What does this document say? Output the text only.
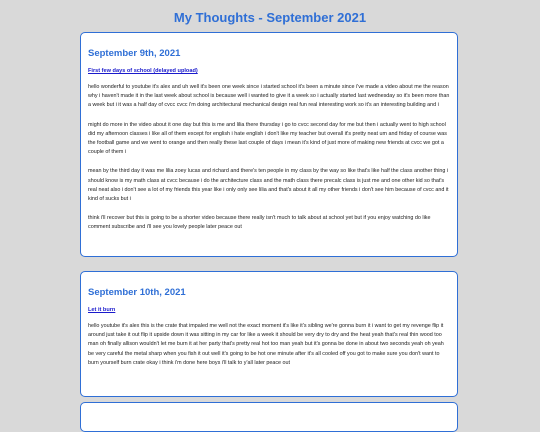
My Thoughts - September 2021
September 9th, 2021
First few days of school (delayed upload)

hello wonderful to youtube it's alex and uh well it's been one week since i started school it's been a minute since i've made a video about me the reason why i haven't made it in the last week about school is because well i wanted to give it a week so i actually started last wednesday so it's been more than a week but i it was a half day of cvcc cvcc i'm doing architectural mechanical design real fun real interesting work so it's an interesting building and i

might do more in the video about it one day but this is me and lilia there thursday i go to cvcc second day for me but then i actually went to high school did my afternoon classes i like all of them except for english i hate english i don't like my teacher but overall it's pretty neat um and friday of course was the football game and we went to orange and then really these last couple of days i mean it's kind of just more of making new friends at cvcc we got a couple of them i

mean by the third day it was me lilia zoey lucas and richard and there's ten people in my class by the way so like that's like half the class another thing i should know is my math class at cvcc because i do the architecture class and the math class there precalc class is just me and one other kid so that's real neat also i don't see a lot of my friends this year like i only only see lilia and that's about it all my other friends i don't see him because of cvcc and it kind of sucks but i

think i'll recover but this is going to be a shorter video because there really isn't much to talk about at school yet but if you enjoy watching do like comment subscribe and i'll see you lovely people later peace out

September 10th, 2021
Let it burn

hello youtube it's alex this is the crate that impaled me well not the exact moment it's like it's sibling we're gonna burn it i want to get my revenge flip it around just take it out flip it upside down it was sitting in my car for like a week it should be very dry to dry and the heat yeah that's real thin wood too man oh finally allison wouldn't let me burn it at her party that's pretty real hot too man yeah but it's gonna be done in about two seconds yeah oh yeah be very careful the metal sharp when you fish it out well it's going to be hot one minute after it's all cooled off you got to make sure you don't want to burn yourself burn crate okay i think i'm done here boys i'll talk to y'all later peace out
